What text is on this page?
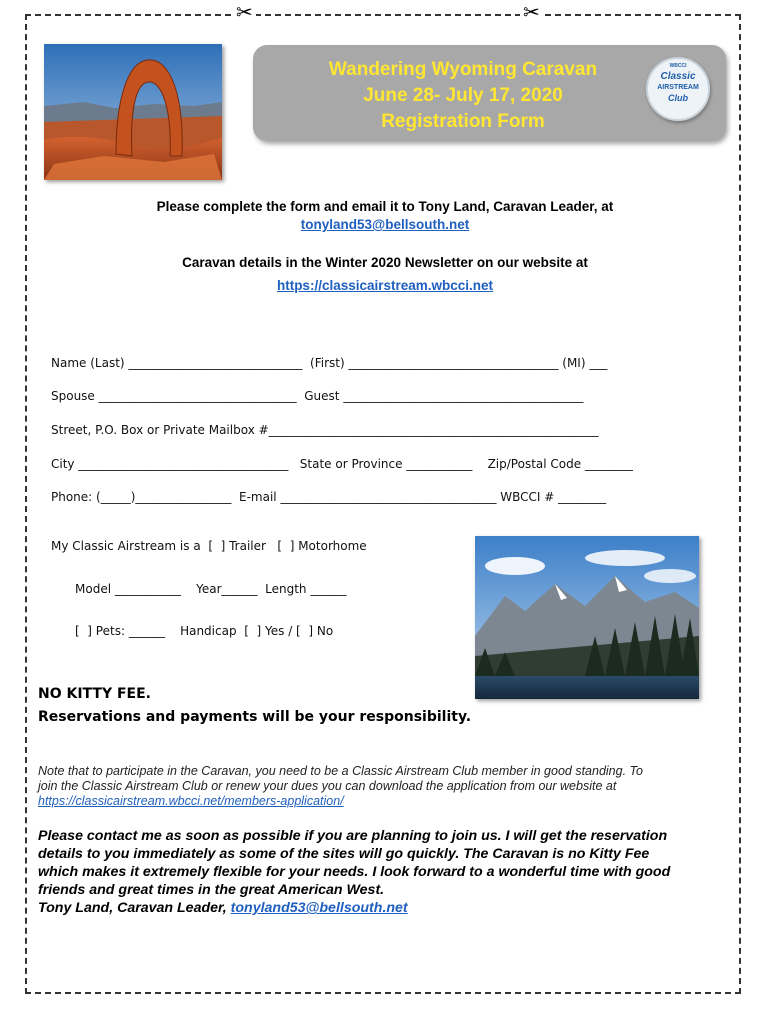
✂	✂
Wandering Wyoming Caravan
June 28- July 17, 2020
Registration Form
WBCCI
Classic
AIRSTREAM
Club
Please complete the form and email it to Tony Land, Caravan Leader, at
tonyland53@bellsouth.net
Caravan details in the Winter 2020 Newsletter on our website at
https://classicairstream.wbcci.net
Name (Last) _____________________________  (First) ___________________________________ (MI) ___
Spouse _________________________________  Guest ________________________________________
Street, P.O. Box or Private Mailbox #_______________________________________________________
City ___________________________________   State or Province ___________    Zip/Postal Code ________
Phone: (_____)________________  E-mail ____________________________________ WBCCI # ________
My Classic Airstream is a  [  ] Trailer   [  ] Motorhome
Model ___________    Year______  Length ______
[  ] Pets: ______    Handicap  [  ] Yes / [  ] No
NO KITTY FEE.
Reservations and payments will be your responsibility.
Note that to participate in the Caravan, you need to be a Classic Airstream Club member in good standing. To
join the Classic Airstream Club or renew your dues you can download the application from our website at
https://classicairstream.wbcci.net/members-application/
Please contact me as soon as possible if you are planning to join us. I will get the reservation
details to you immediately as some of the sites will go quickly. The Caravan is no Kitty Fee
which makes it extremely flexible for your needs. I look forward to a wonderful time with good
friends and great times in the great American West.
Tony Land, Caravan Leader, tonyland53@bellsouth.net
